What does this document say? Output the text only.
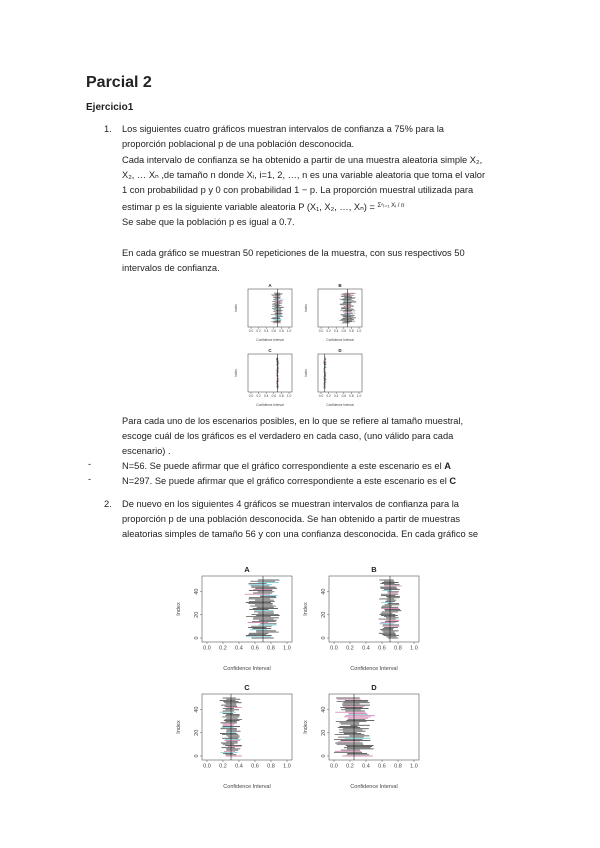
Parcial 2
Ejercicio1
1. Los siguientes cuatro gráficos muestran intervalos de confianza a 75% para la
proporción poblacional p de una población desconocida.
Cada intervalo de confianza se ha obtenido a partir de una muestra aleatoria simple X₂,
X₂, … Xₙ ,de tamaño n donde Xᵢ, i=1, 2, …, n es una variable aleatoria que toma el valor
1 con probabilidad p y 0 con probabilidad 1 − p. La proporción muestral utilizada para
estimar p es la siguiente variable aleatoria P (X₁, X₂, …, Xₙ) = $^{\Sigma^nᵢ_{=1} Xᵢ / n}$
Se sabe que la población p es igual a 0.7.
En cada gráfico se muestran 50 repeticiones de la muestra, con sus respectivos 50
intervalos de confianza.
A
0.0 0.2 0.4 0.6 0.8 1.0
Confidence Interval
Index
B
0.0 0.2 0.4 0.6 0.8 1.0
Confidence Interval
Index
C
0.0 0.2 0.4 0.6 0.8 1.0
Confidence Interval
Index
D
0.0 0.2 0.4 0.6 0.8 1.0
Confidence Interval
Index
Para cada uno de los escenarios posibles, en lo que se refiere al tamaño muestral,
escoge cuál de los gráficos es el verdadero en cada caso, (uno válido para cada
escenario) .
-	N=56. Se puede afirmar que el gráfico correspondiente a este escenario es el A
-	N=297. Se puede afirmar que el gráfico correspondiente a este escenario es el C
2. De nuevo en los siguientes 4 gráficos se muestran intervalos de confianza para la
proporción p de una población desconocida. Se han obtenido a partir de muestras
aleatorias simples de tamaño 56 y con una confianza desconocida. En cada gráfico se
A
0.0 0.2 0.4 0.6 0.8 1.0
0
20
40
Confidence Interval
Index
B
0.0 0.2 0.4 0.6 0.8 1.0
0
20
40
Confidence Interval
Index
C
0.0 0.2 0.4 0.6 0.8 1.0
0
20
40
Confidence Interval
Index
D
0.0 0.2 0.4 0.6 0.8 1.0
0
20
40
Confidence Interval
Index
